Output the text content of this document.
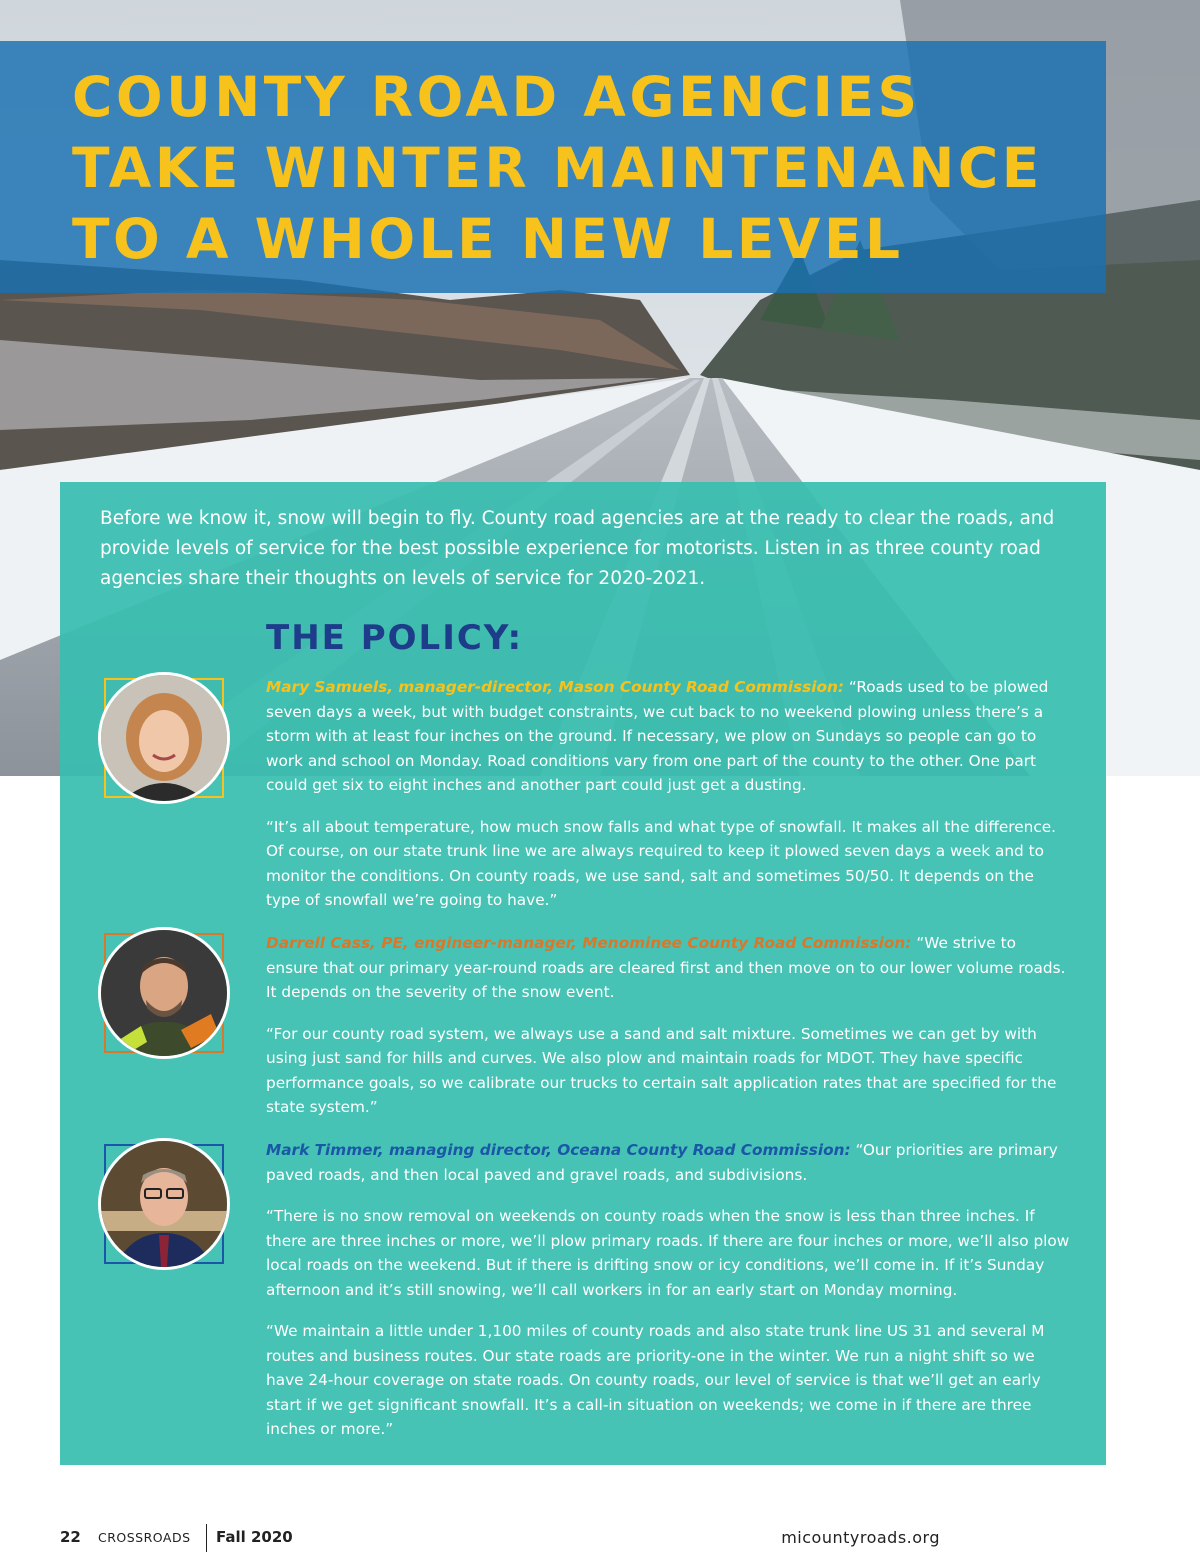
COUNTY ROAD AGENCIES
TAKE WINTER MAINTENANCE
TO A WHOLE NEW LEVEL

Before we know it, snow will begin to fly. County road agencies are at the ready to clear the roads, and provide levels of service for the best possible experience for motorists. Listen in as three county road agencies share their thoughts on levels of service for 2020-2021.

THE POLICY:

Mary Samuels, manager-director, Mason County Road Commission: “Roads used to be plowed seven days a week, but with budget constraints, we cut back to no weekend plowing unless there’s a storm with at least four inches on the ground. If necessary, we plow on Sundays so people can go to work and school on Monday. Road conditions vary from one part of the county to the other. One part could get six to eight inches and another part could just get a dusting.

“It’s all about temperature, how much snow falls and what type of snowfall. It makes all the difference. Of course, on our state trunk line we are always required to keep it plowed seven days a week and to monitor the conditions. On county roads, we use sand, salt and sometimes 50/50. It depends on the type of snowfall we’re going to have.”

Darrell Cass, PE, engineer-manager, Menominee County Road Commission: “We strive to ensure that our primary year-round roads are cleared first and then move on to our lower volume roads. It depends on the severity of the snow event.

“For our county road system, we always use a sand and salt mixture. Sometimes we can get by with using just sand for hills and curves. We also plow and maintain roads for MDOT. They have specific performance goals, so we calibrate our trucks to certain salt application rates that are specified for the state system.”

Mark Timmer, managing director, Oceana County Road Commission: “Our priorities are primary paved roads, and then local paved and gravel roads, and subdivisions.

“There is no snow removal on weekends on county roads when the snow is less than three inches. If there are three inches or more, we’ll plow primary roads. If there are four inches or more, we’ll also plow local roads on the weekend. But if there is drifting snow or icy conditions, we’ll come in. If it’s Sunday afternoon and it’s still snowing, we’ll call workers in for an early start on Monday morning.

“We maintain a little under 1,100 miles of county roads and also state trunk line US 31 and several M routes and business routes. Our state roads are priority-one in the winter. We run a night shift so we have 24-hour coverage on state roads. On county roads, our level of service is that we’ll get an early start if we get significant snowfall. It’s a call-in situation on weekends; we come in if there are three inches or more.”

22 CROSSROADS Fall 2020	micountyroads.org
